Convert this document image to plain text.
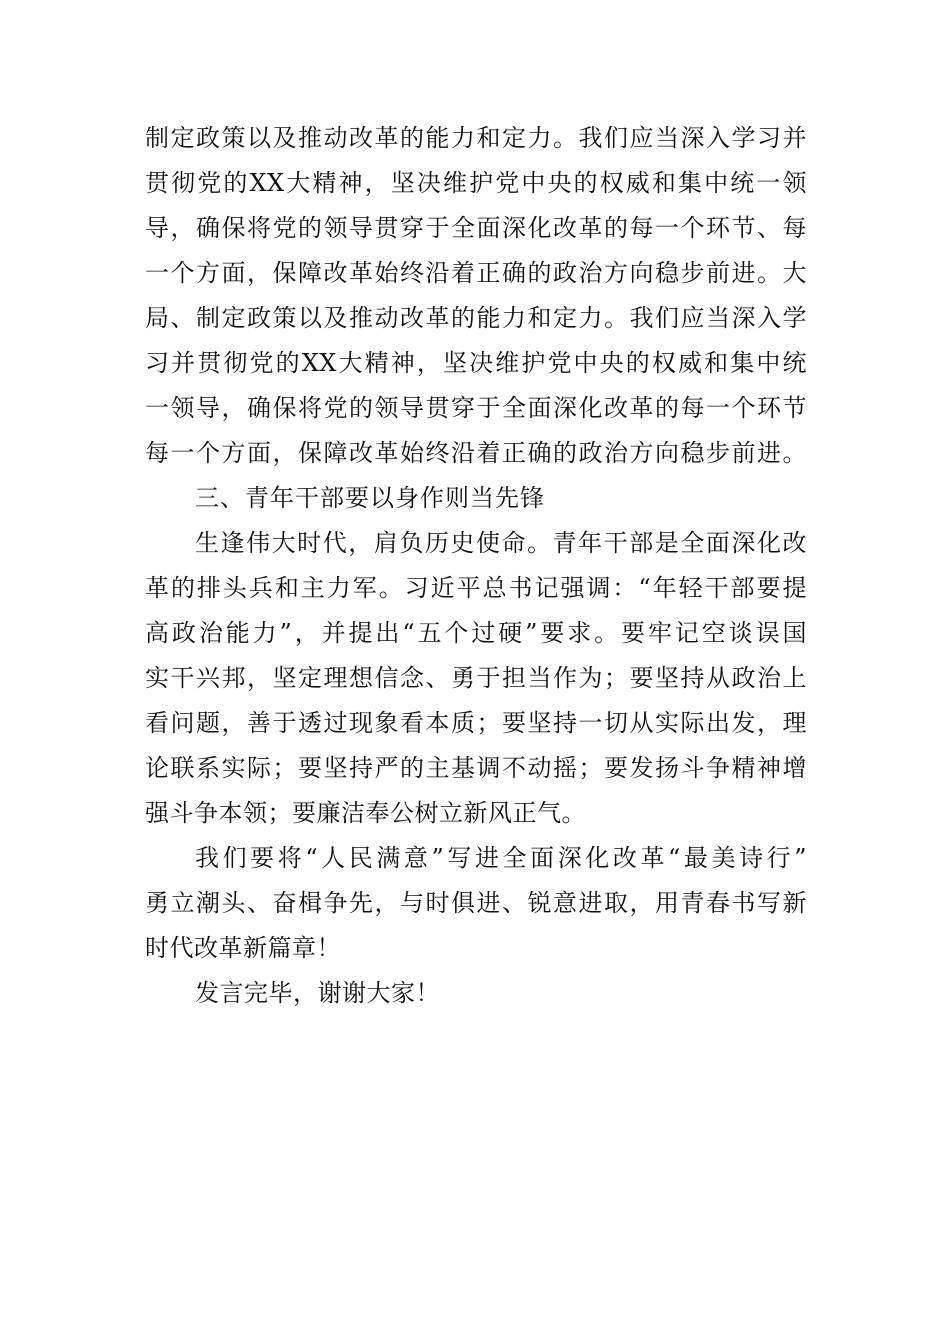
制定政策以及推动改革的能力和定力。我们应当深入学习并
贯彻党的XX大精神，坚决维护党中央的权威和集中统一领
导，确保将党的领导贯穿于全面深化改革的每一个环节、每
一个方面，保障改革始终沿着正确的政治方向稳步前进。大
局、制定政策以及推动改革的能力和定力。我们应当深入学
习并贯彻党的XX大精神，坚决维护党中央的权威和集中统
一领导，确保将党的领导贯穿于全面深化改革的每一个环节
每一个方面，保障改革始终沿着正确的政治方向稳步前进。
三、青年干部要以身作则当先锋
生逢伟大时代，肩负历史使命。青年干部是全面深化改
革的排头兵和主力军。习近平总书记强调：“年轻干部要提
高政治能力”，并提出“五个过硬”要求。要牢记空谈误国
实干兴邦，坚定理想信念、勇于担当作为；要坚持从政治上
看问题，善于透过现象看本质；要坚持一切从实际出发，理
论联系实际；要坚持严的主基调不动摇；要发扬斗争精神增
强斗争本领；要廉洁奉公树立新风正气。
我们要将“人民满意”写进全面深化改革“最美诗行”
勇立潮头、奋楫争先，与时俱进、锐意进取，用青春书写新
时代改革新篇章！
发言完毕，谢谢大家！
